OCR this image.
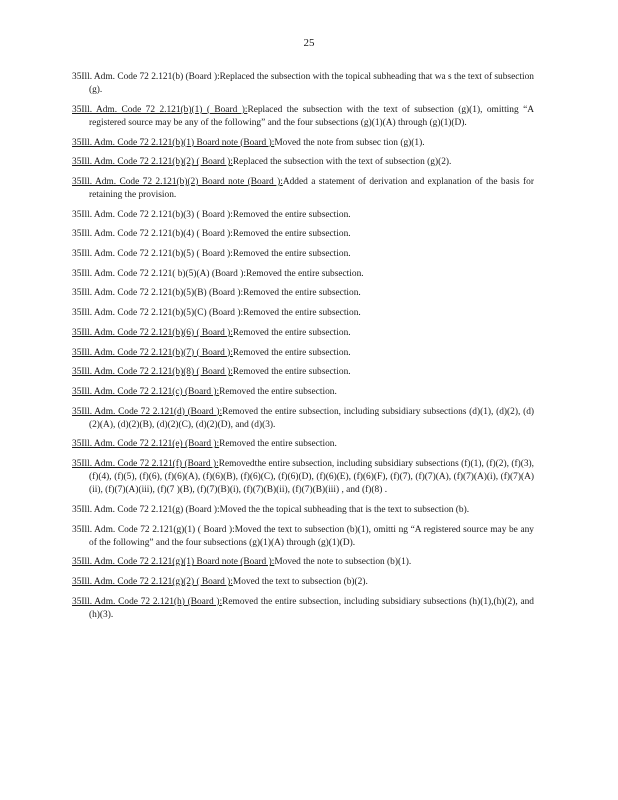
25

35Ill. Adm. Code 72 2.121(b) (Board ):Replaced the subsection with the topical subheading that wa s the text of subsection (g).

35Ill. Adm. Code 72 2.121(b)(1) ( Board ):Replaced the subsection with the text of subsection (g)(1), omitting “A registered source may be any of the following” and the four subsections (g)(1)(A) through (g)(1)(D).

35Ill. Adm. Code 72 2.121(b)(1) Board note (Board ):Moved the note from subsec tion (g)(1).

35Ill. Adm. Code 72 2.121(b)(2) ( Board ):Replaced the subsection with the text of subsection (g)(2).

35Ill. Adm. Code 72 2.121(b)(2) Board note (Board ):Added a statement of derivation and explanation of the basis for retaining the provision.

35Ill. Adm. Code 72 2.121(b)(3) ( Board ):Removed the entire subsection.

35Ill. Adm. Code 72 2.121(b)(4) ( Board ):Removed the entire subsection.

35Ill. Adm. Code 72 2.121(b)(5) ( Board ):Removed the entire subsection.

35Ill. Adm. Code 72 2.121( b)(5)(A) (Board ):Removed the entire subsection.

35Ill. Adm. Code 72 2.121(b)(5)(B) (Board ):Removed the entire subsection.

35Ill. Adm. Code 72 2.121(b)(5)(C) (Board ):Removed the entire subsection.

35Ill. Adm. Code 72 2.121(b)(6) ( Board ):Removed the entire subsection.

35Ill. Adm. Code 72 2.121(b)(7) ( Board ):Removed the entire subsection.

35Ill. Adm. Code 72 2.121(b)(8) ( Board ):Removed the entire subsection.

35Ill. Adm. Code 72 2.121(c) (Board ):Removed the entire subsection.

35Ill. Adm. Code 72 2.121(d) (Board ):Removed the entire subsection, including subsidiary subsections (d)(1), (d)(2), (d)(2)(A), (d)(2)(B), (d)(2)(C), (d)(2)(D), and (d)(3).

35Ill. Adm. Code 72 2.121(e) (Board ):Removed the entire subsection.

35Ill. Adm. Code 72 2.121(f) (Board ):Removedthe entire subsection, including subsidiary subsections (f)(1), (f)(2), (f)(3), (f)(4), (f)(5), (f)(6), (f)(6)(A), (f)(6)(B), (f)(6)(C), (f)(6)(D), (f)(6)(E), (f)(6)(F), (f)(7), (f)(7)(A), (f)(7)(A)(i), (f)(7)(A)(ii), (f)(7)(A)(iii), (f)(7 )(B), (f)(7)(B)(i), (f)(7)(B)(ii), (f)(7)(B)(iii) , and (f)(8) .

35Ill. Adm. Code 72 2.121(g) (Board ):Moved the the topical subheading that is the text to subsection (b).

35Ill. Adm. Code 72 2.121(g)(1) ( Board ):Moved the text to subsection (b)(1), omitti ng “A registered source may be any of the following” and the four subsections (g)(1)(A) through (g)(1)(D).

35Ill. Adm. Code 72 2.121(g)(1) Board note (Board ):Moved the note to subsection (b)(1).

35Ill. Adm. Code 72 2.121(g)(2) ( Board ):Moved the text to subsection (b)(2).

35Ill. Adm. Code 72 2.121(h) (Board ):Removed the entire subsection, including subsidiary subsections (h)(1),(h)(2), and (h)(3).
